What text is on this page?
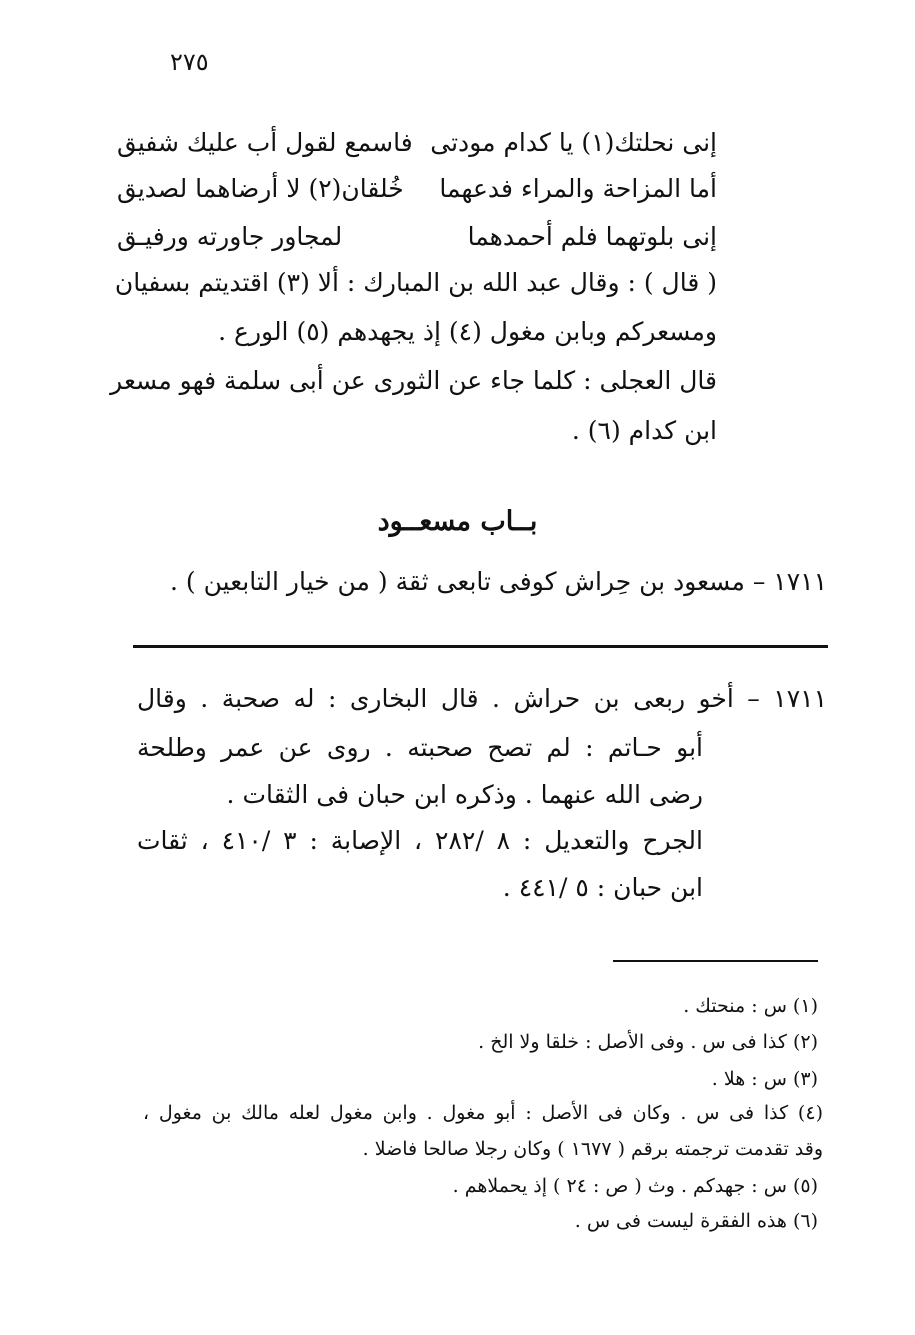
٢٧٥
إنى نحلتك(١) يا كدام مودتى
فاسمع لقول أب عليك شفيق
أما المزاحة والمراء فدعهما
خُلقان(٢) لا أرضاهما لصديق
إنى بلوتهما فلم أحمدهما
لمجاور جاورته ورفيـق
( قال ) : وقال عبد الله بن المبارك : ألا (٣) اقتديتم بسفيان
ومسعركم وبابن مغول (٤) إذ يجهدهم (٥) الورع .
قال العجلى : كلما جاء عن الثورى عن أبى سلمة فهو مسعر
ابن كدام (٦) .
بــاب مسعــود
١٧١١ – مسعود بن حِراش كوفى تابعى ثقة ( من خيار التابعين ) .
١٧١١ – أخو ربعى بن حراش . قال البخارى : له صحبة . وقال
أبو حـاتم : لم تصح صحبته . روى عن عمر وطلحة
رضى الله عنهما . وذكره ابن حبان فى الثقات .
الجرح والتعديل : ٨ /٢٨٢ ، الإصابة : ٣ /٤١٠ ، ثقات
ابن حبان : ٥ /٤٤١ .
(١) س : منحتك .
(٢) كذا فى س . وفى الأصل : خلقا ولا الخ .
(٣) س : هلا .
(٤) كذا فى س . وكان فى الأصل : أبو مغول . وابن مغول لعله مالك بن مغول ،
وقد تقدمت ترجمته برقم ( ١٦٧٧ ) وكان رجلا صالحا فاضلا .
(٥) س : جهدكم . وث ( ص : ٢٤ ) إذ يحملاهم .
(٦) هذه الفقرة ليست فى س .
